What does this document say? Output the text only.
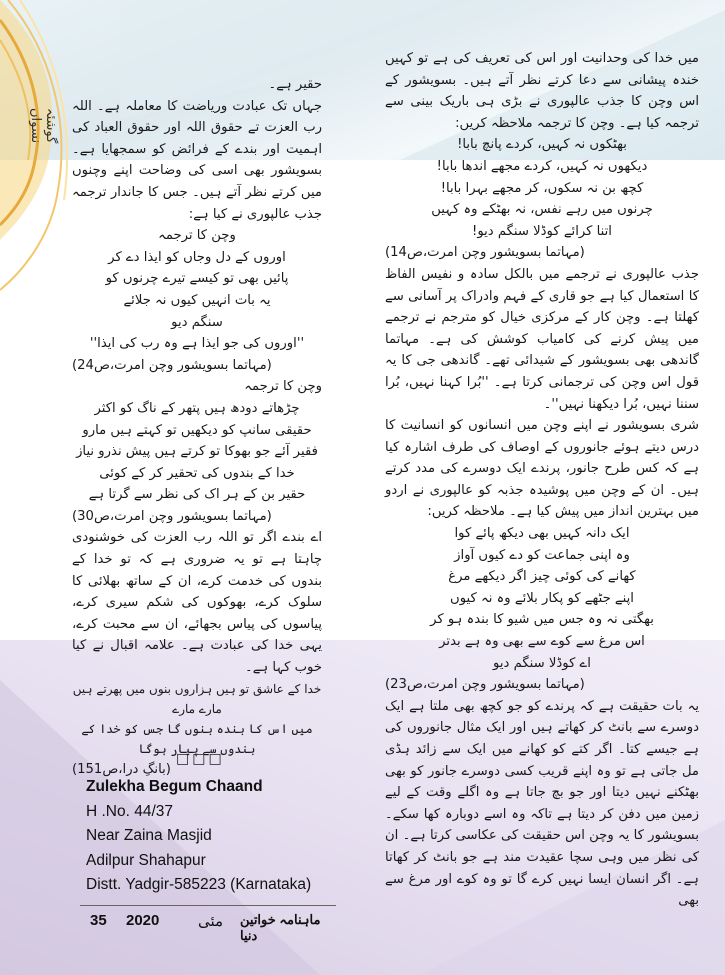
گوشئہ نسواں

حقیر ہے۔

جہاں تک عبادت وریاضت کا معاملہ ہے۔ اللہ رب العزت تے حقوق اللہ اور حقوق العباد کی اہمیت اور بندے کے فرائض کو سمجھایا ہے۔ بسویشور بھی اسی کی وضاحت اپنے وچنوں میں کرتے نظر آتے ہیں۔ جس کا جاندار ترجمہ جذب عالپوری نے کیا ہے:

وچن کا ترجمہ

اوروں کے دل وجاں کو ایذا دے کر

پائیں بھی تو کیسے تیرے چرنوں کو

یہ بات انہیں کیوں نہ جلائے

سنگم دیو

''اوروں کی جو ایذا ہے وہ رب کی ایذا''

(مہاتما بسویشور وچن امرت،ص24)

وچن کا ترجمہ

چڑھاتے دودھ ہیں پتھر کے ناگ کو اکثر

حقیقی سانپ کو دیکھیں تو کہتے ہیں مارو

فقیر آئے جو بھوکا تو کرتے ہیں پیش نذرو نیاز

خدا کے بندوں کی تحقیر کر کے کوئی

حقیر بن کے ہر اک کی نظر سے گرتا ہے

(مہاتما بسویشور وچن امرت،ص30)

اے بندے اگر تو اللہ رب العزت کی خوشنودی چاہتا ہے تو یہ ضروری ہے کہ تو خدا کے بندوں کی خدمت کرے، ان کے ساتھ بھلائی کا سلوک کرے، بھوکوں کی شکم سیری کرے، پیاسوں کی پیاس بجھائے، ان سے محبت کرے، یہی خدا کی عبادت ہے۔ علامہ اقبال نے کیا خوب کہا ہے۔

خدا کے عاشق تو ہیں ہزاروں بنوں میں پھرتے ہیں مارے مارے

میں اس کا بندہ بنوں گا جس کو خدا کے بندوں سے پیار ہوگا

(بانگِ درا،ص151)

□□□
Zulekha Begum Chaand
H .No. 44/37
Near Zaina Masjid
Adilpur Shahapur
Distt. Yadgir-585223 (Karnataka)
35 2020	مئی ماہنامہ خواتین دنیا

میں خدا کی وحدانیت اور اس کی تعریف کی ہے تو کہیں خندہ پیشانی سے دعا کرتے نظر آتے ہیں۔ بسویشور کے اس وچن کا جذب عالپوری نے بڑی ہی باریک بینی سے ترجمہ کیا ہے۔ وچن کا ترجمہ ملاحظہ کریں:

بھٹکوں نہ کہیں، کردے پانچ بابا!

دیکھوں نہ کہیں، کردے مجھے اندھا بابا!

کچھ بن نہ سکوں، کر مجھے بہرا بابا!

چرنوں میں رہے نفس، نہ بھٹکے وہ کہیں

اتنا کرائے کوڈلا سنگم دیو!

(مہاتما بسویشور وچن امرت،ص14)

جذب عالپوری نے ترجمے میں بالکل سادہ و نفیس الفاظ کا استعمال کیا ہے جو قاری کے فہم وادراک پر آسانی سے کھلتا ہے۔ وچن کار کے مرکزی خیال کو مترجم نے ترجمے میں پیش کرنے کی کامیاب کوشش کی ہے۔ مہاتما گاندھی بھی بسویشور کے شیدائی تھے۔ گاندھی جی کا یہ قول اس وچن کی ترجمانی کرتا ہے۔ ''بُرا کہنا نہیں، بُرا سننا نہیں، بُرا دیکھنا نہیں''۔

شری بسویشور نے اپنے وچن میں انسانوں کو انسانیت کا درس دیتے ہوئے جانوروں کے اوصاف کی طرف اشارہ کیا ہے کہ کس طرح جانور، پرندے ایک دوسرے کی مدد کرتے ہیں۔ ان کے وچن میں پوشیدہ جذبہ کو عالپوری نے اردو میں بہترین انداز میں پیش کیا ہے۔ ملاحظہ کریں:

ایک دانہ کہیں بھی دیکھ پائے کوا

وہ اپنی جماعت کو دے کیوں آواز

کھانے کی کوئی چیز اگر دیکھے مرغ

اپنے جٹھے کو پکار بلائے وہ نہ کیوں

بھگتی نہ وہ جس میں شیو کا بندہ ہو کر

اس مرغ سے کوے سے بھی وہ ہے بدتر

اے کوڈلا سنگم دیو

(مہاتما بسویشور وچن امرت،ص23)

یہ بات حقیقت ہے کہ پرندے کو جو کچھ بھی ملتا ہے ایک دوسرے سے بانٹ کر کھاتے ہیں اور ایک مثال جانوروں کی ہے جیسے کتا۔ اگر کتے کو کھانے میں ایک سے زائد ہڈی مل جاتی ہے تو وہ اپنے قریب کسی دوسرے جانور کو بھی بھٹکنے نہیں دیتا اور جو بچ جاتا ہے وہ اگلے وقت کے لیے زمین میں دفن کر دیتا ہے تاکہ وہ اسے دوبارہ کھا سکے۔ بسویشور کا یہ وچن اس حقیقت کی عکاسی کرتا ہے۔ ان کی نظر میں وہی سچا عقیدت مند ہے جو بانٹ کر کھاتا ہے۔ اگر انسان ایسا نہیں کرے گا تو وہ کوے اور مرغ سے بھی
